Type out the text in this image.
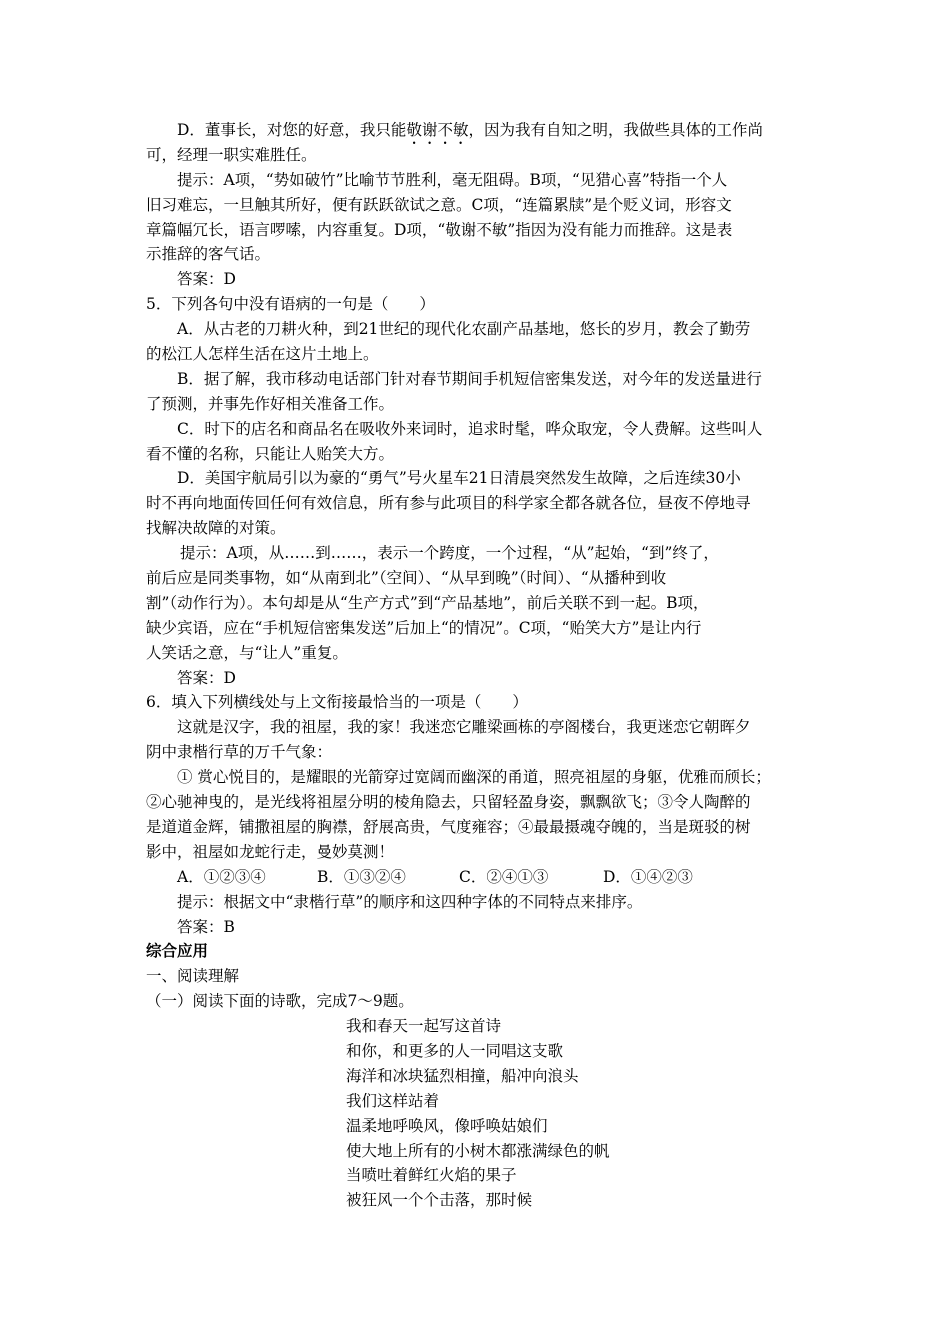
D．董事长，对您的好意，我只能敬谢不敏，因为我有自知之明，我做些具体的工作尚
可，经理一职实难胜任。
提示：A项，“势如破竹”比喻节节胜利，毫无阻碍。B项，“见猎心喜”特指一个人
旧习难忘，一旦触其所好，便有跃跃欲试之意。C项，“连篇累牍”是个贬义词，形容文
章篇幅冗长，语言啰嗦，内容重复。D项，“敬谢不敏”指因为没有能力而推辞。这是表
示推辞的客气话。
答案：D
5．下列各句中没有语病的一句是（　　）
A．从古老的刀耕火种，到21世纪的现代化农副产品基地，悠长的岁月，教会了勤劳
的松江人怎样生活在这片土地上。
B．据了解，我市移动电话部门针对春节期间手机短信密集发送，对今年的发送量进行
了预测，并事先作好相关准备工作。
C．时下的店名和商品名在吸收外来词时，追求时髦，哗众取宠，令人费解。这些叫人
看不懂的名称，只能让人贻笑大方。
D．美国宇航局引以为豪的“勇气”号火星车21日清晨突然发生故障，之后连续30小
时不再向地面传回任何有效信息，所有参与此项目的科学家全都各就各位，昼夜不停地寻
找解决故障的对策。
提示：A项，从……到……，表示一个跨度，一个过程，“从”起始，“到”终了，
前后应是同类事物，如“从南到北”（空间）、“从早到晚”（时间）、“从播种到收
割”（动作行为）。本句却是从“生产方式”到“产品基地”，前后关联不到一起。B项，
缺少宾语，应在“手机短信密集发送”后加上“的情况”。C项，“贻笑大方”是让内行
人笑话之意，与“让人”重复。
答案：D
6．填入下列横线处与上文衔接最恰当的一项是（　　）
这就是汉字，我的祖屋，我的家！我迷恋它雕梁画栋的亭阁楼台，我更迷恋它朝晖夕
阴中隶楷行草的万千气象：
① 赏心悦目的，是耀眼的光箭穿过宽阔而幽深的甬道，照亮祖屋的身躯，优雅而颀长；
②心驰神曳的，是光线将祖屋分明的棱角隐去，只留轻盈身姿，飘飘欲飞；③令人陶醉的
是道道金辉，铺撒祖屋的胸襟，舒展高贵，气度雍容；④最最摄魂夺魄的，当是斑驳的树
影中，祖屋如龙蛇行走，曼妙莫测！
A．①②③④	B．①③②④	C．②④①③	D．①④②③
提示：根据文中“隶楷行草”的顺序和这四种字体的不同特点来排序。
答案：B
综合应用
一、阅读理解
（一）阅读下面的诗歌，完成7～9题。
我和春天一起写这首诗
和你，和更多的人一同唱这支歌
海洋和冰块猛烈相撞，船冲向浪头
我们这样站着
温柔地呼唤风，像呼唤姑娘们
使大地上所有的小树木都涨满绿色的帆
当喷吐着鲜红火焰的果子
被狂风一个个击落，那时候
